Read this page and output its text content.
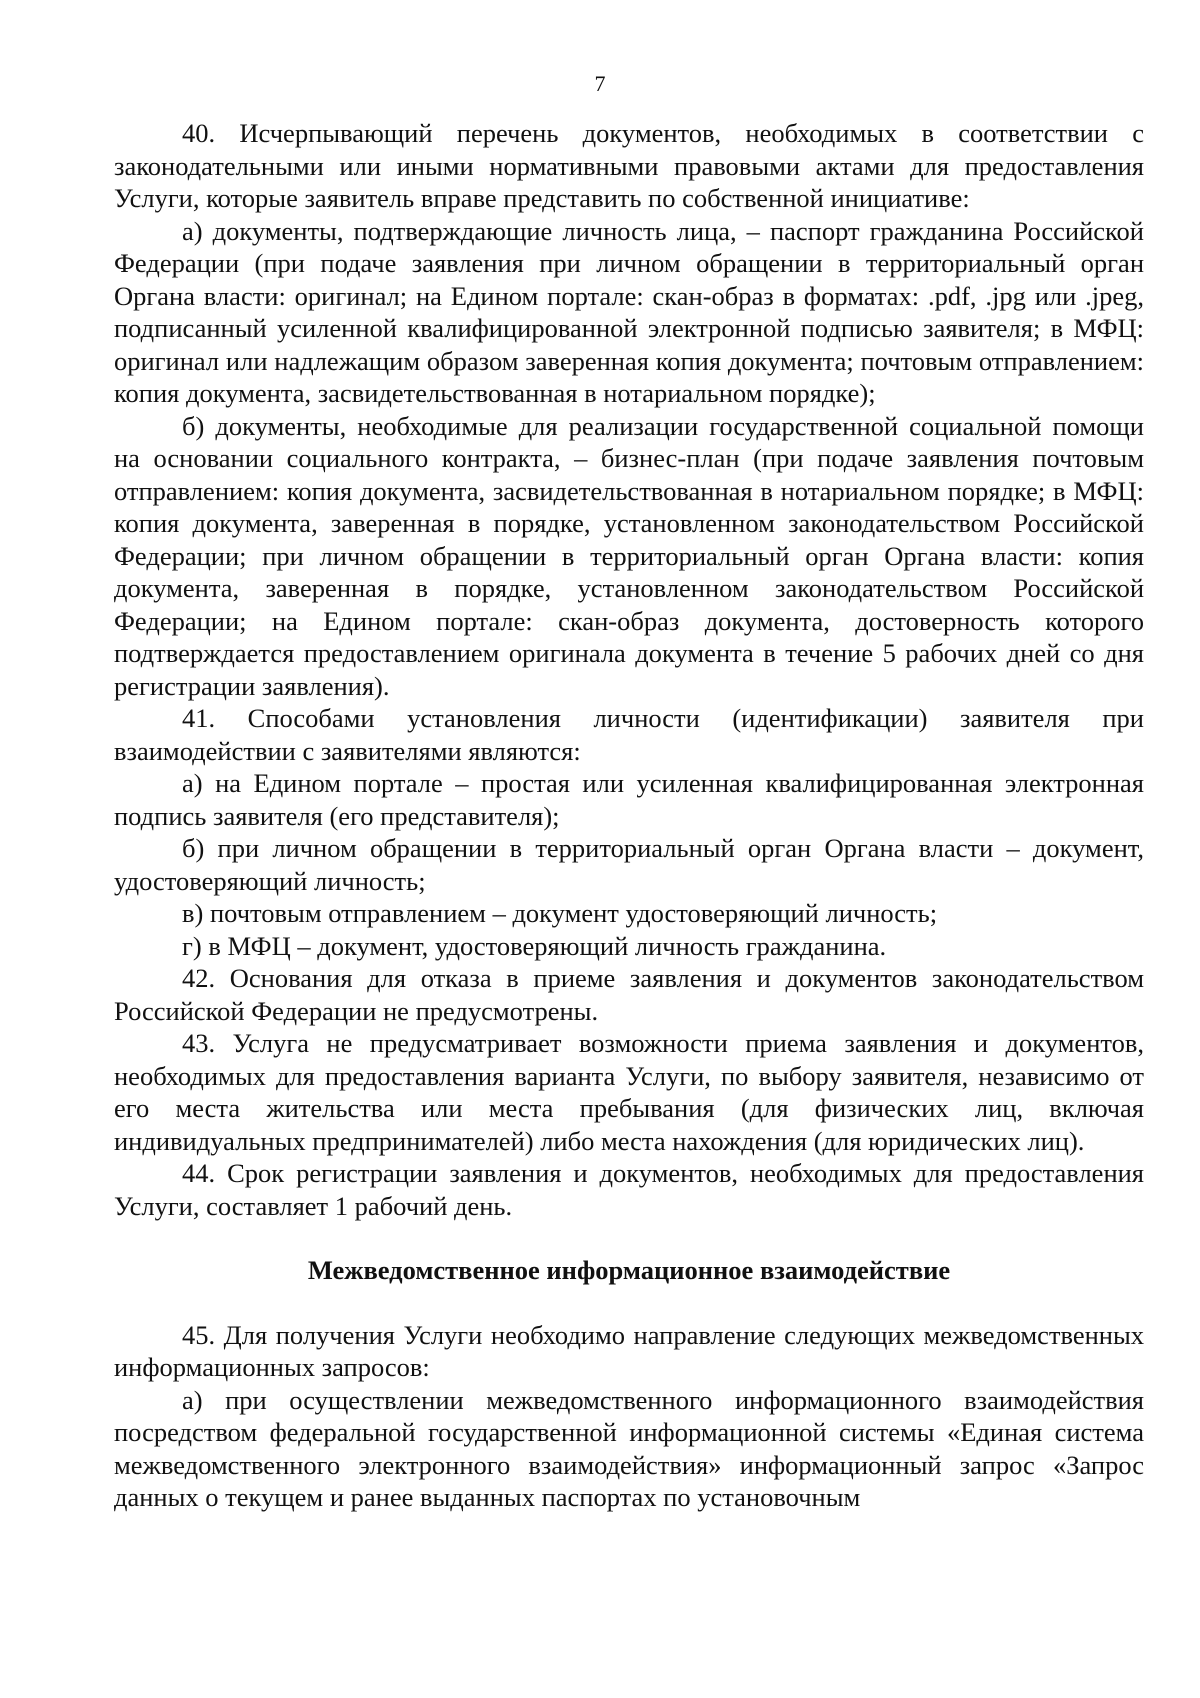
7

40. Исчерпывающий перечень документов, необходимых в соответствии с законодательными или иными нормативными правовыми актами для предоставления Услуги, которые заявитель вправе представить по собственной инициативе:

а) документы, подтверждающие личность лица, – паспорт гражданина Российской Федерации (при подаче заявления при личном обращении в территориальный орган Органа власти: оригинал; на Едином портале: скан-образ в форматах: .pdf, .jpg или .jpeg, подписанный усиленной квалифицированной электронной подписью заявителя; в МФЦ: оригинал или надлежащим образом заверенная копия документа; почтовым отправлением: копия документа, засвидетельствованная в нотариальном порядке);

б) документы, необходимые для реализации государственной социальной помощи на основании социального контракта, – бизнес-план (при подаче заявления почтовым отправлением: копия документа, засвидетельствованная в нотариальном порядке; в МФЦ: копия документа, заверенная в порядке, установленном законодательством Российской Федерации; при личном обращении в территориальный орган Органа власти: копия документа, заверенная в порядке, установленном законодательством Российской Федерации; на Едином портале: скан-образ документа, достоверность которого подтверждается предоставлением оригинала документа в течение 5 рабочих дней со дня регистрации заявления).

41. Способами установления личности (идентификации) заявителя при взаимодействии с заявителями являются:

а) на Едином портале – простая или усиленная квалифицированная электронная подпись заявителя (его представителя);

б) при личном обращении в территориальный орган Органа власти – документ, удостоверяющий личность;

в) почтовым отправлением – документ удостоверяющий личность;

г) в МФЦ – документ, удостоверяющий личность гражданина.

42. Основания для отказа в приеме заявления и документов законодательством Российской Федерации не предусмотрены.

43. Услуга не предусматривает возможности приема заявления и документов, необходимых для предоставления варианта Услуги, по выбору заявителя, независимо от его места жительства или места пребывания (для физических лиц, включая индивидуальных предпринимателей) либо места нахождения (для юридических лиц).

44. Срок регистрации заявления и документов, необходимых для предоставления Услуги, составляет 1 рабочий день.

Межведомственное информационное взаимодействие

45. Для получения Услуги необходимо направление следующих межведомственных информационных запросов:

а) при осуществлении межведомственного информационного взаимодействия посредством федеральной государственной информационной системы «Единая система межведомственного электронного взаимодействия» информационный запрос «Запрос данных о текущем и ранее выданных паспортах по установочным
